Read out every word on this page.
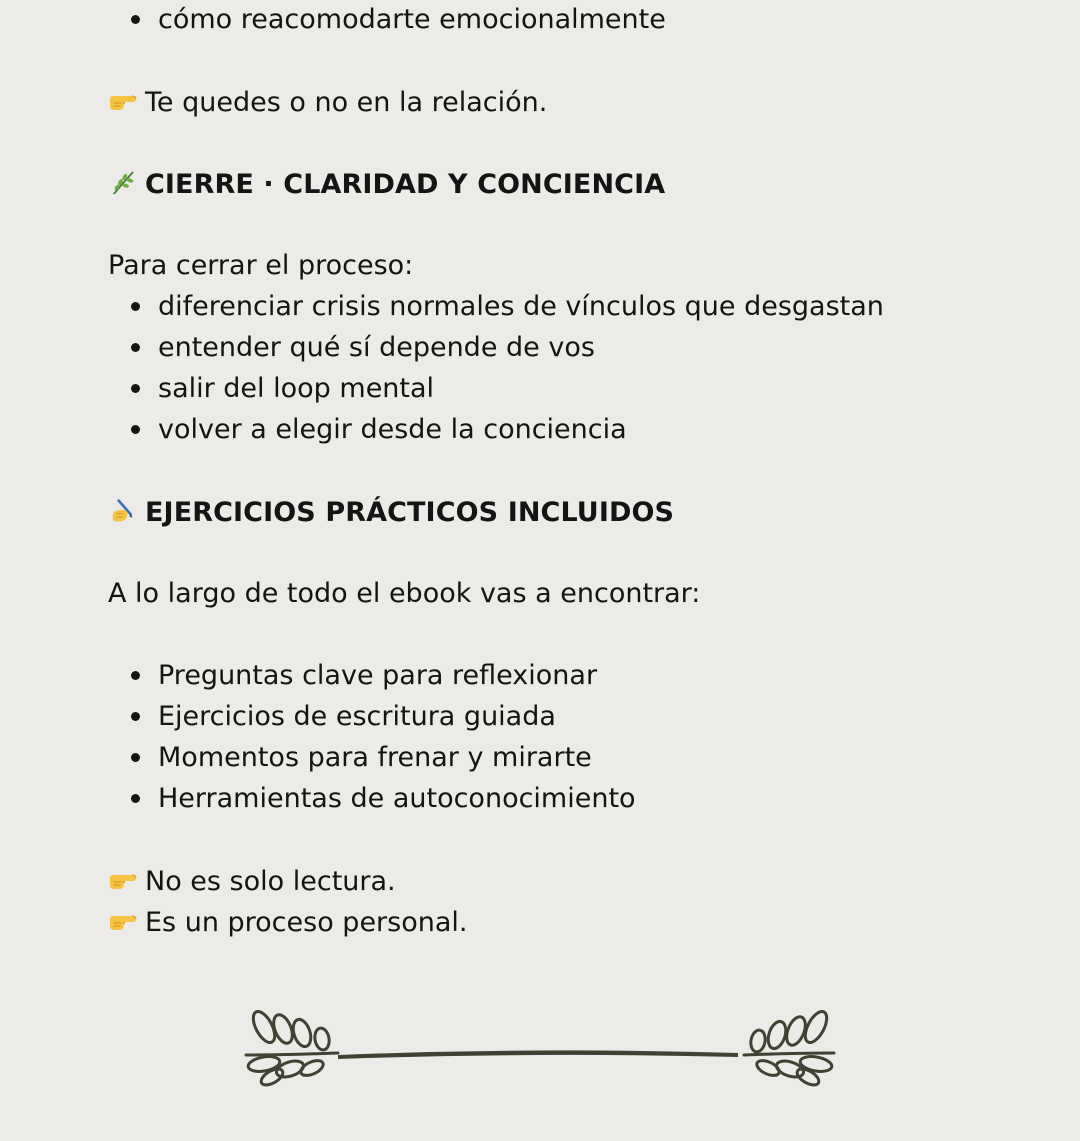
cómo reacomodarte emocionalmente
Te quedes o no en la relación.
CIERRE · CLARIDAD Y CONCIENCIA
Para cerrar el proceso:
diferenciar crisis normales de vínculos que desgastan
entender qué sí depende de vos
salir del loop mental
volver a elegir desde la conciencia
EJERCICIOS PRÁCTICOS INCLUIDOS
A lo largo de todo el ebook vas a encontrar:
Preguntas clave para reflexionar
Ejercicios de escritura guiada
Momentos para frenar y mirarte
Herramientas de autoconocimiento
No es solo lectura.
Es un proceso personal.
